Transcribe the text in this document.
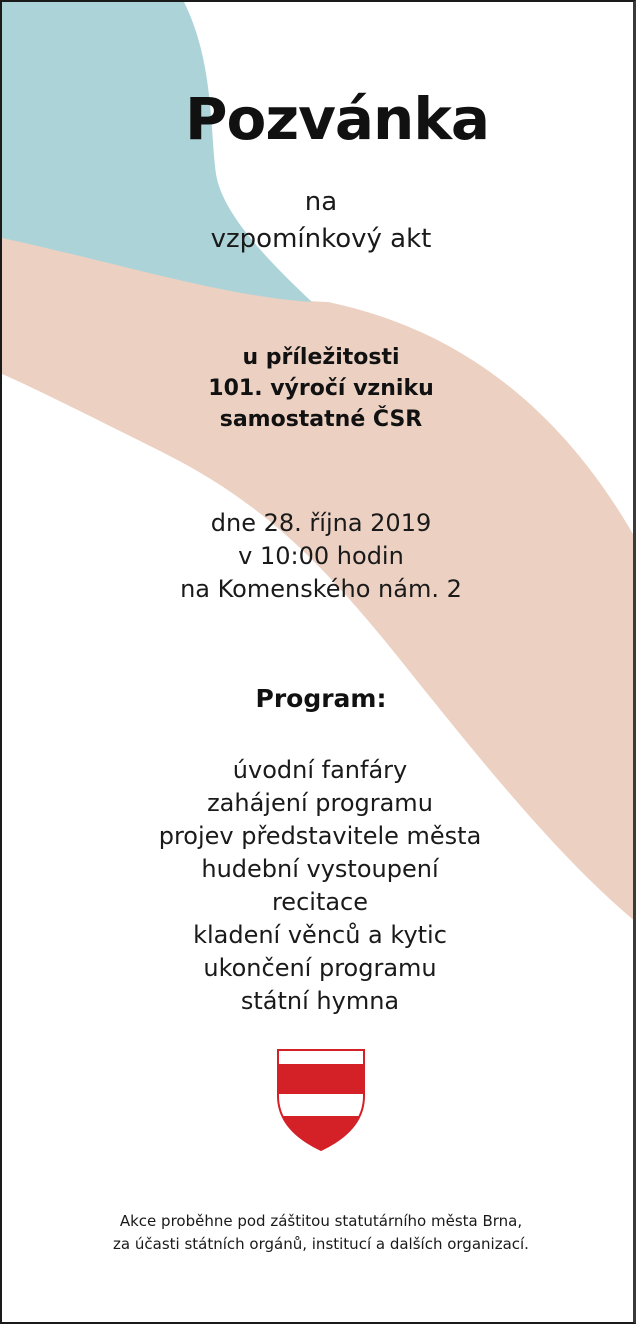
Pozvánka
na
vzpomínkový akt
u příležitosti
101. výročí vzniku
samostatné ČSR
dne 28. října 2019
v 10:00 hodin
na Komenského nám. 2
Program:
úvodní fanfáry
zahájení programu
projev představitele města
hudební vystoupení
recitace
kladení věnců a kytic
ukončení programu
státní hymna
Akce proběhne pod záštitou statutárního města Brna,
za účasti státních orgánů, institucí a dalších organizací.
